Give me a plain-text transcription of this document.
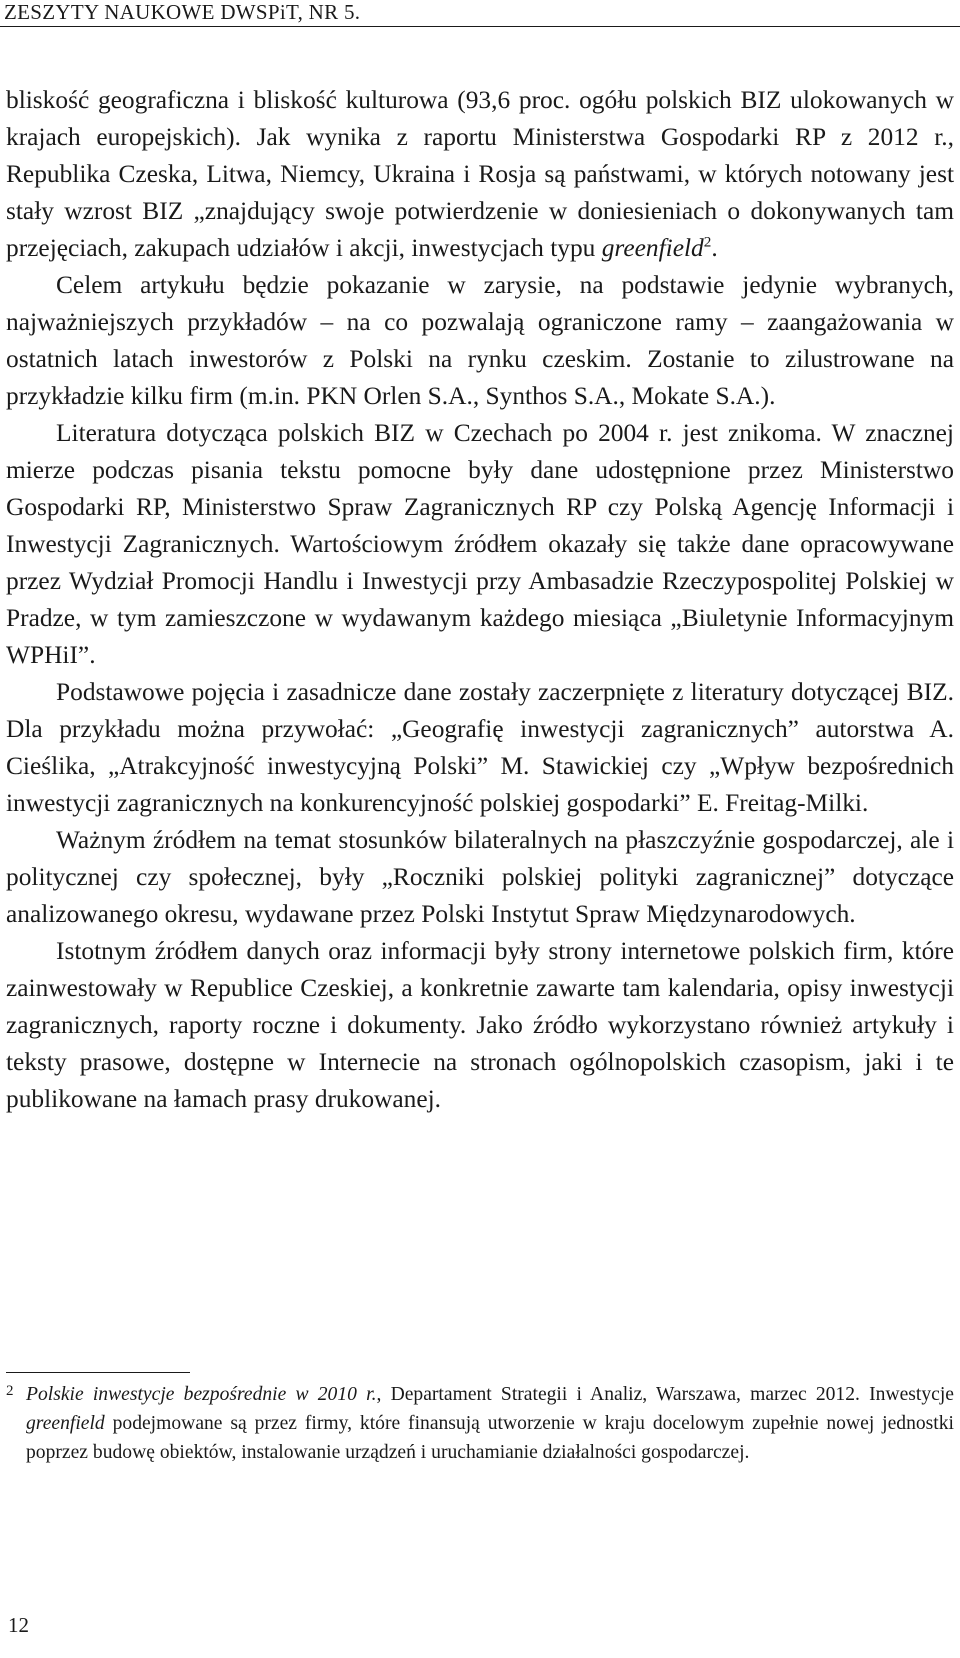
ZESZYTY NAUKOWE DWSPiT, NR 5.

bliskość geograficzna i bliskość kulturowa (93,6 proc. ogółu polskich BIZ ulokowanych w krajach europejskich). Jak wynika z raportu Ministerstwa Gospodarki RP z 2012 r., Republika Czeska, Litwa, Niemcy, Ukraina i Rosja są państwami, w których notowany jest stały wzrost BIZ „znajdujący swoje potwierdzenie w doniesieniach o dokonywanych tam przejęciach, zakupach udziałów i akcji, inwestycjach typu greenfield$^2$.

Celem artykułu będzie pokazanie w zarysie, na podstawie jedynie wybranych, najważniejszych przykładów – na co pozwalają ograniczone ramy – zaangażowania w ostatnich latach inwestorów z Polski na rynku czeskim. Zostanie to zilustrowane na przykładzie kilku firm (m.in. PKN Orlen S.A., Synthos S.A., Mokate S.A.).

Literatura dotycząca polskich BIZ w Czechach po 2004 r. jest znikoma. W znacznej mierze podczas pisania tekstu pomocne były dane udostępnione przez Ministerstwo Gospodarki RP, Ministerstwo Spraw Zagranicznych RP czy Polską Agencję Informacji i Inwestycji Zagranicznych. Wartościowym źródłem okazały się także dane opracowywane przez Wydział Promocji Handlu i Inwestycji przy Ambasadzie Rzeczypospolitej Polskiej w Pradze, w tym zamieszczone w wydawanym każdego miesiąca „Biuletynie Informacyjnym WPHiI”.

Podstawowe pojęcia i zasadnicze dane zostały zaczerpnięte z literatury dotyczącej BIZ. Dla przykładu można przywołać: „Geografię inwestycji zagranicznych” autorstwa A. Cieślika, „Atrakcyjność inwestycyjną Polski” M. Stawickiej czy „Wpływ bezpośrednich inwestycji zagranicznych na konkurencyjność polskiej gospodarki” E. Freitag-Milki.

Ważnym źródłem na temat stosunków bilateralnych na płaszczyźnie gospodarczej, ale i politycznej czy społecznej, były „Roczniki polskiej polityki zagranicznej” dotyczące analizowanego okresu, wydawane przez Polski Instytut Spraw Międzynarodowych.

Istotnym źródłem danych oraz informacji były strony internetowe polskich firm, które zainwestowały w Republice Czeskiej, a konkretnie zawarte tam kalendaria, opisy inwestycji zagranicznych, raporty roczne i dokumenty. Jako źródło wykorzystano również artykuły i teksty prasowe, dostępne w Internecie na stronach ogólnopolskich czasopism, jaki i te publikowane na łamach prasy drukowanej.

2 Polskie inwestycje bezpośrednie w 2010 r., Departament Strategii i Analiz, Warszawa, marzec 2012. Inwestycje greenfield podejmowane są przez firmy, które finansują utworzenie w kraju docelowym zupełnie nowej jednostki poprzez budowę obiektów, instalowanie urządzeń i uruchamianie działalności gospodarczej.
12
